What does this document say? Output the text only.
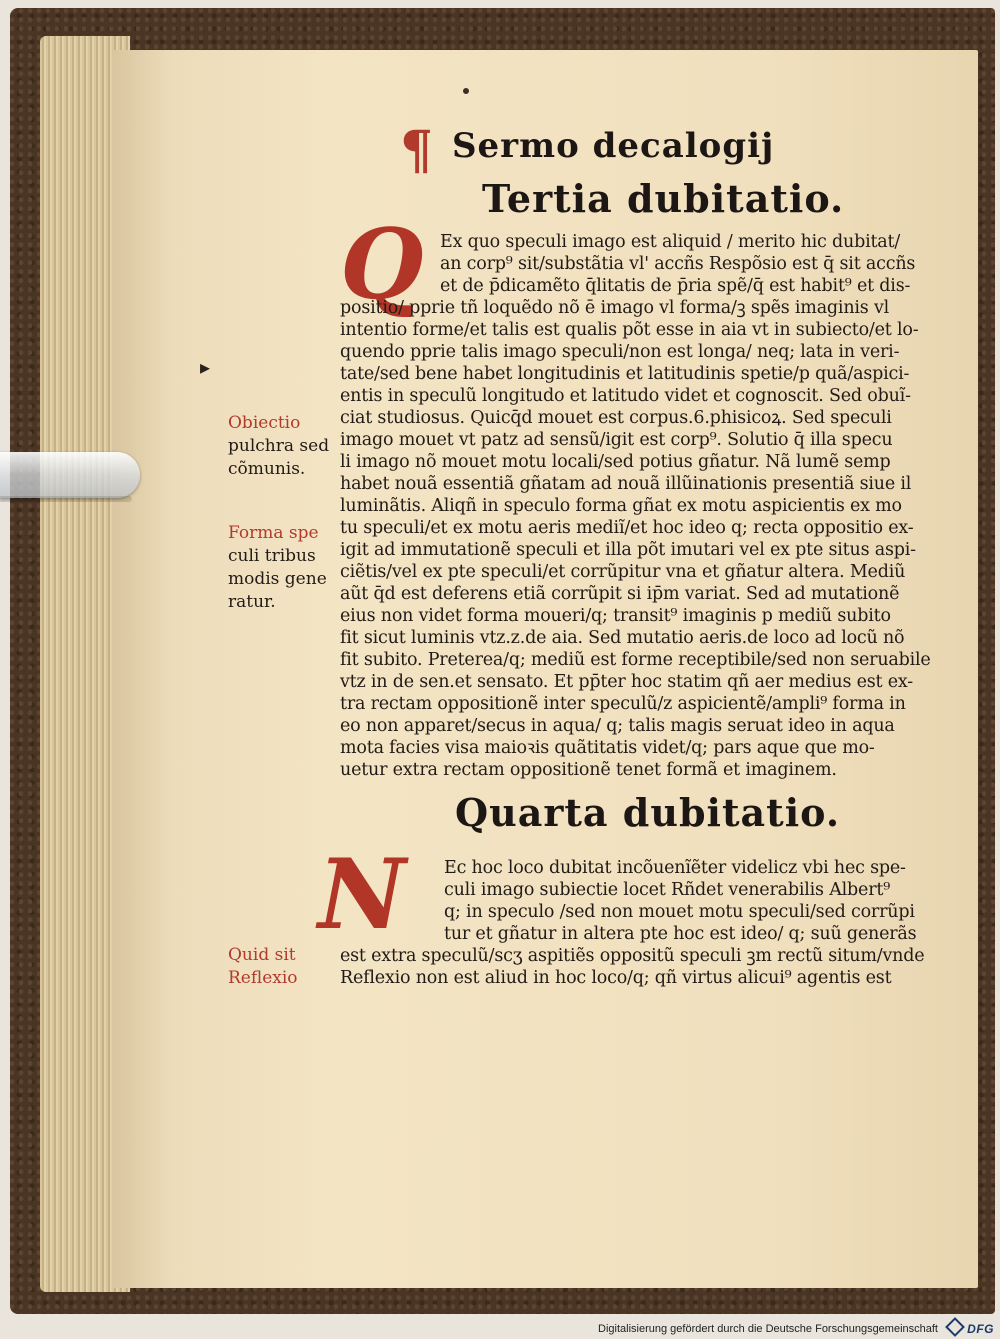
¶ Sermo decalogij
Tertia dubitatio.
Q Ex quo speculi imago est aliquid / merito hic dubitat/
an corp⁹ sit/substãtia vl' accñs Respõsio est q̄ sit accñs
et de p̄dicamẽto q̄litatis de p̄ria spẽ/q̄ est habit⁹ et dis-
positio/ pprie tñ loquẽdo nõ ē imago vl forma/ꝫ spẽs imaginis vl
intentio forme/et talis est qualis põt esse in aia vt in subiecto/et lo-
quendo pprie talis imago speculi/non est longa/ neq; lata in veri-
tate/sed bene habet longitudinis et latitudinis spetie/p quã/aspici-
entis in speculũ longitudo et latitudo videt et cognoscit. Sed obuĩ-
ciat studiosus. Quicq̄d mouet est corpus.6.phisicoꝝ. Sed speculi
imago mouet vt patz ad sensũ/igit est corp⁹. Solutio q̄ illa specu
li imago nõ mouet motu locali/sed potius gñatur. Nã lumẽ semp
habet nouã essentiã gñatam ad nouã illũinationis presentiã siue il
luminãtis. Aliqñ in speculo forma gñat ex motu aspicientis ex mo
tu speculi/et ex motu aeris mediĩ/et hoc ideo q; recta oppositio ex-
igit ad immutationẽ speculi et illa põt imutari vel ex pte situs aspi-
ciẽtis/vel ex pte speculi/et corrũpitur vna et gñatur altera. Mediũ
aũt q̄d est deferens etiã corrũpit si ip̄m variat. Sed ad mutationẽ
eius non videt forma moueri/q; transit⁹ imaginis p mediũ subito
fit sicut luminis vtz.z.de aia. Sed mutatio aeris.de loco ad locũ nõ
fit subito. Preterea/q; mediũ est forme receptibile/sed non seruabile
vtz in de sen.et sensato. Et pp̄ter hoc statim qñ aer medius est ex-
tra rectam oppositionẽ inter speculũ/z aspicientẽ/ampli⁹ forma in
eo non apparet/secus in aqua/ q; talis magis seruat ideo in aqua
mota facies visa maioꝛis quãtitatis videt/q; pars aque que mo-
uetur extra rectam oppositionẽ tenet formã et imaginem.
Quarta dubitatio.
N Ec hoc loco dubitat incõuenĩẽter videlicz vbi hec spe-
culi imago subiectie locet Rñdet venerabilis Albert⁹
q; in speculo /sed non mouet motu speculi/sed corrũpi
tur et gñatur in altera pte hoc est ideo/ q; suũ generãs
est extra speculũ/scʒ aspitiẽs oppositũ speculi ꝫm rectũ situm/vnde
Reflexio non est aliud in hoc loco/q; qñ virtus alicui⁹ agentis est
Obiectio
pulchra sed
cõmunis.
Forma spe
culi tribus
modis gene
ratur.
Quid sit
Reflexio
▸
Digitalisierung gefördert durch die Deutsche Forschungsgemeinschaft DFG
